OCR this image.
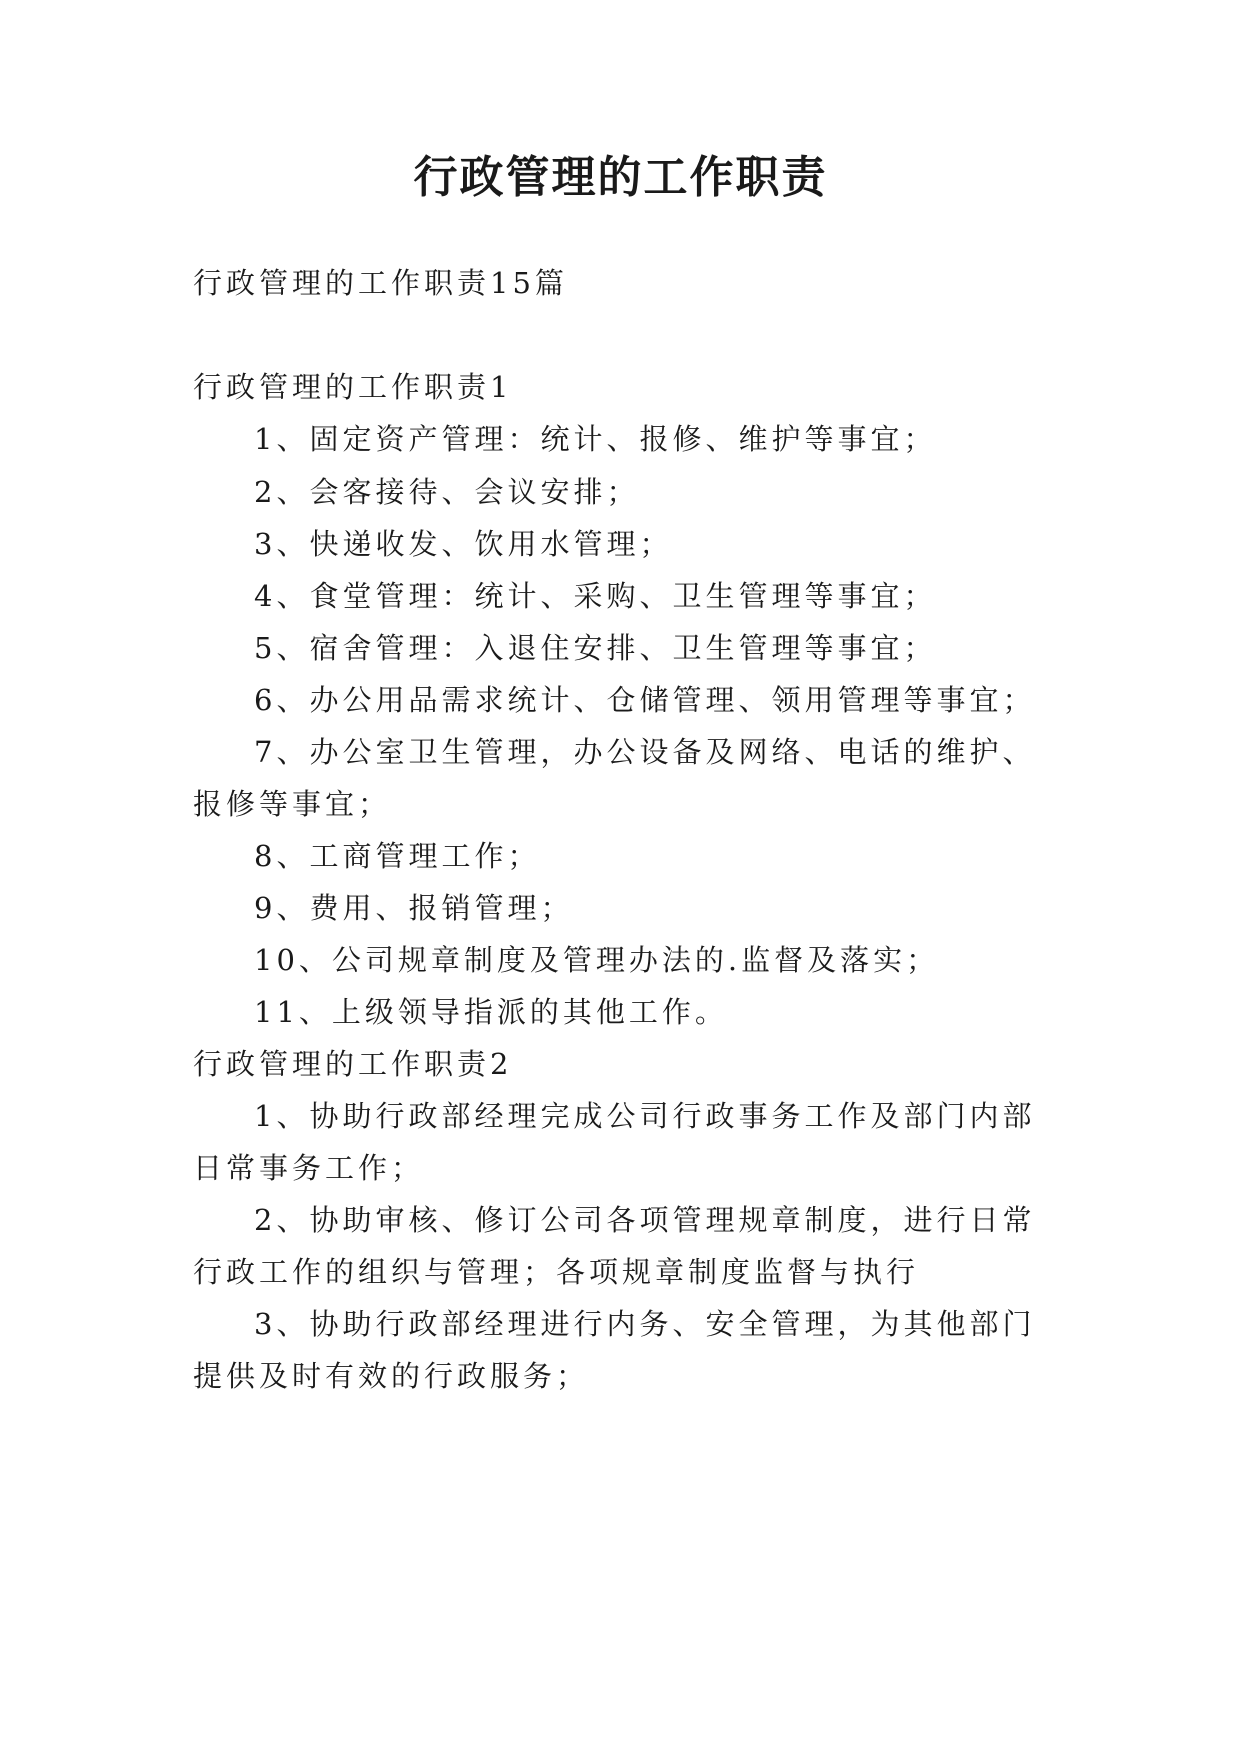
行政管理的工作职责

行政管理的工作职责15篇

行政管理的工作职责1

1、固定资产管理：统计、报修、维护等事宜；

2、会客接待、会议安排；

3、快递收发、饮用水管理；

4、食堂管理：统计、采购、卫生管理等事宜；

5、宿舍管理：入退住安排、卫生管理等事宜；

6、办公用品需求统计、仓储管理、领用管理等事宜；

7、办公室卫生管理，办公设备及网络、电话的维护、

报修等事宜；

8、工商管理工作；

9、费用、报销管理；

10、公司规章制度及管理办法的.监督及落实；

11、上级领导指派的其他工作。

行政管理的工作职责2

1、协助行政部经理完成公司行政事务工作及部门内部

日常事务工作；

2、协助审核、修订公司各项管理规章制度，进行日常

行政工作的组织与管理；各项规章制度监督与执行

3、协助行政部经理进行内务、安全管理，为其他部门

提供及时有效的行政服务；
